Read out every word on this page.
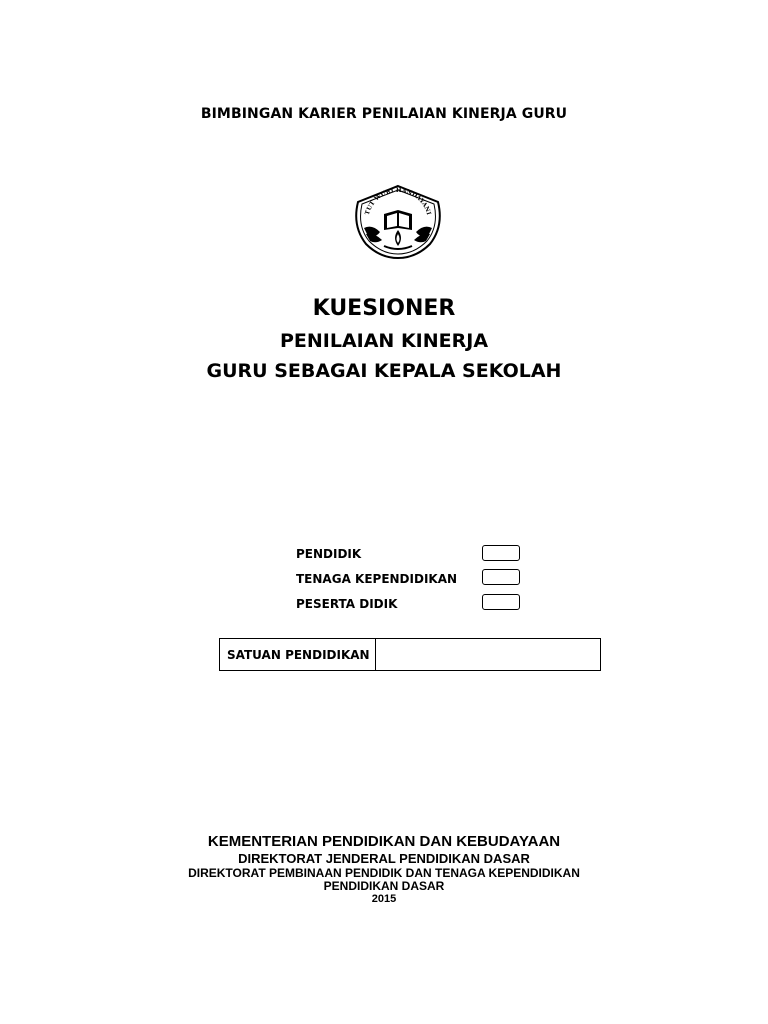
BIMBINGAN KARIER PENILAIAN KINERJA GURU
TUT WURI HANDAYANI
KUESIONER
PENILAIAN KINERJA
GURU SEBAGAI KEPALA SEKOLAH
PENDIDIK
TENAGA KEPENDIDIKAN
PESERTA DIDIK
SATUAN PENDIDIKAN
KEMENTERIAN PENDIDIKAN DAN KEBUDAYAAN
DIREKTORAT JENDERAL PENDIDIKAN DASAR
DIREKTORAT PEMBINAAN PENDIDIK DAN TENAGA KEPENDIDIKAN
PENDIDIKAN DASAR
2015
